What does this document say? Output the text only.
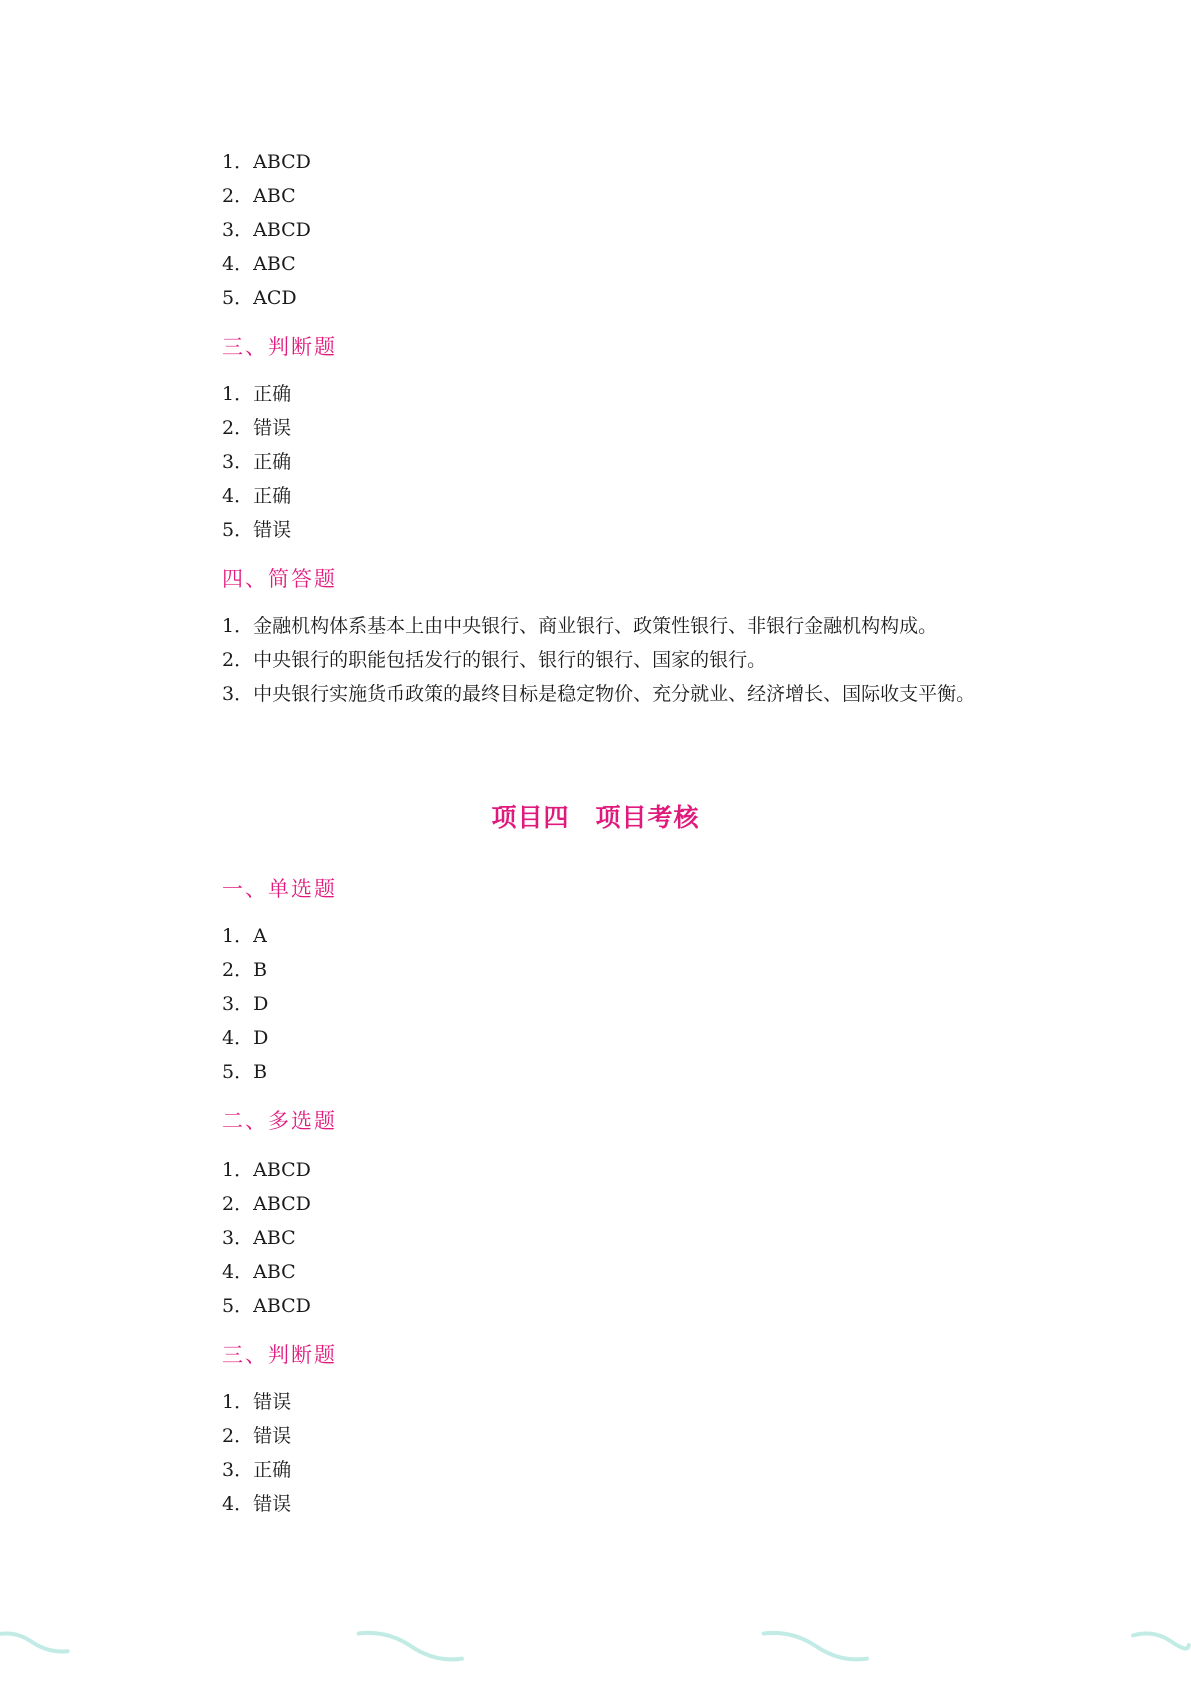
1．ABCD
2．ABC
3．ABCD
4．ABC
5．ACD
三、判断题
1．正确
2．错误
3．正确
4．正确
5．错误
四、简答题
1．金融机构体系基本上由中央银行、商业银行、政策性银行、非银行金融机构构成。
2．中央银行的职能包括发行的银行、银行的银行、国家的银行。
3．中央银行实施货币政策的最终目标是稳定物价、充分就业、经济增长、国际收支平衡。
项目四　项目考核
一、单选题
1．A
2．B
3．D
4．D
5．B
二、多选题
1．ABCD
2．ABCD
3．ABC
4．ABC
5．ABCD
三、判断题
1．错误
2．错误
3．正确
4．错误
